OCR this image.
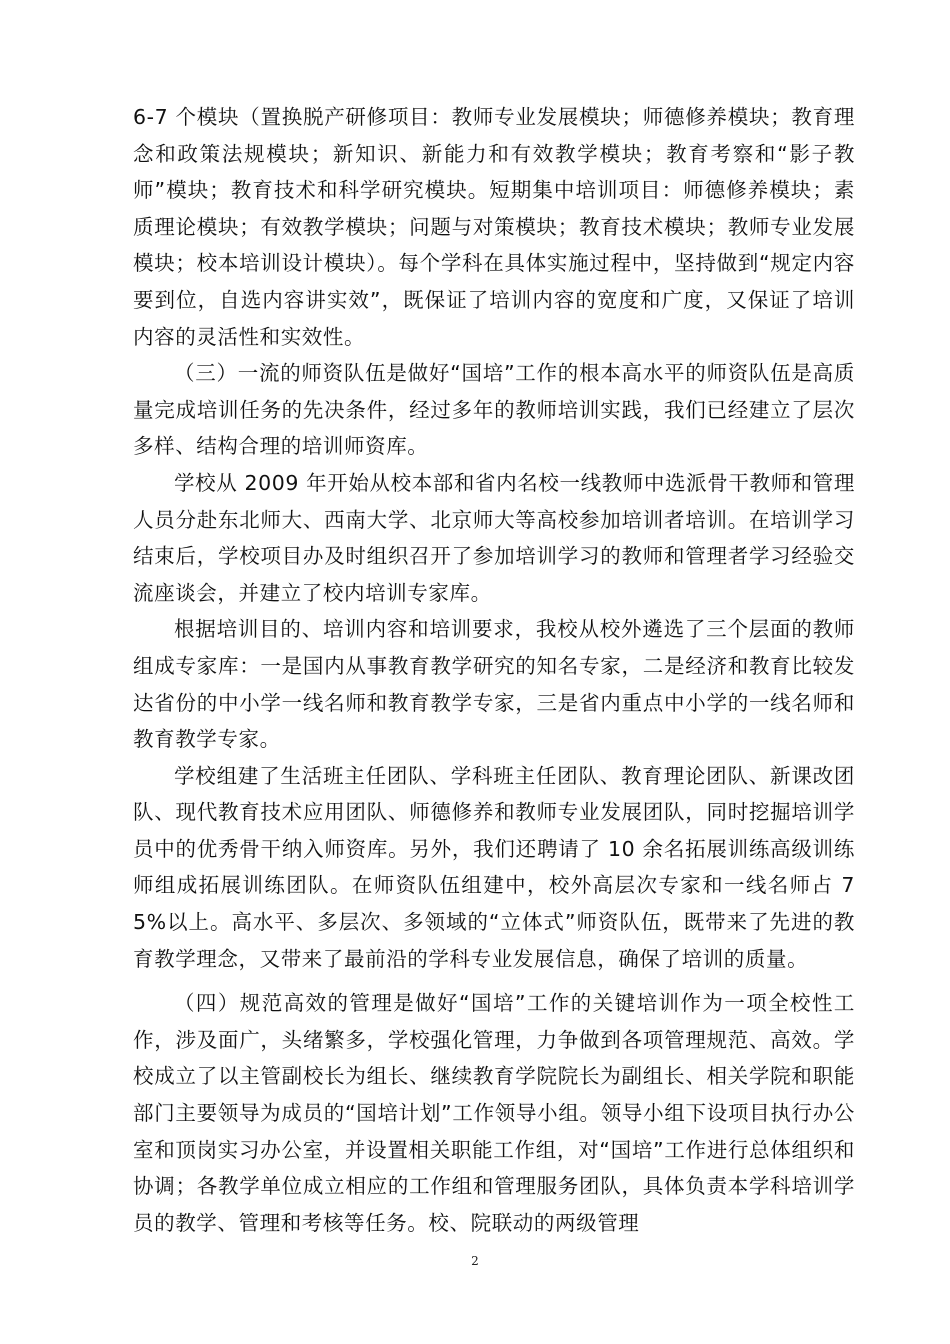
6-7 个模块（置换脱产研修项目：教师专业发展模块；师德修养模块；教育理念和政策法规模块；新知识、新能力和有效教学模块；教育考察和“影子教师”模块；教育技术和科学研究模块。短期集中培训项目：师德修养模块；素质理论模块；有效教学模块；问题与对策模块；教育技术模块；教师专业发展模块；校本培训设计模块）。每个学科在具体实施过程中，坚持做到“规定内容要到位，自选内容讲实效”，既保证了培训内容的宽度和广度，又保证了培训内容的灵活性和实效性。

（三）一流的师资队伍是做好“国培”工作的根本高水平的师资队伍是高质量完成培训任务的先决条件，经过多年的教师培训实践，我们已经建立了层次多样、结构合理的培训师资库。

学校从 2009 年开始从校本部和省内名校一线教师中选派骨干教师和管理人员分赴东北师大、西南大学、北京师大等高校参加培训者培训。在培训学习结束后，学校项目办及时组织召开了参加培训学习的教师和管理者学习经验交流座谈会，并建立了校内培训专家库。

根据培训目的、培训内容和培训要求，我校从校外遴选了三个层面的教师组成专家库：一是国内从事教育教学研究的知名专家，二是经济和教育比较发达省份的中小学一线名师和教育教学专家，三是省内重点中小学的一线名师和教育教学专家。

学校组建了生活班主任团队、学科班主任团队、教育理论团队、新课改团队、现代教育技术应用团队、师德修养和教师专业发展团队，同时挖掘培训学员中的优秀骨干纳入师资库。另外，我们还聘请了 10 余名拓展训练高级训练师组成拓展训练团队。在师资队伍组建中，校外高层次专家和一线名师占 75%以上。高水平、多层次、多领域的“立体式”师资队伍，既带来了先进的教育教学理念，又带来了最前沿的学科专业发展信息，确保了培训的质量。

（四）规范高效的管理是做好“国培”工作的关键培训作为一项全校性工作，涉及面广，头绪繁多，学校强化管理，力争做到各项管理规范、高效。学校成立了以主管副校长为组长、继续教育学院院长为副组长、相关学院和职能部门主要领导为成员的“国培计划”工作领导小组。领导小组下设项目执行办公室和顶岗实习办公室，并设置相关职能工作组，对“国培”工作进行总体组织和协调；各教学单位成立相应的工作组和管理服务团队，具体负责本学科培训学员的教学、管理和考核等任务。校、院联动的两级管理

2
